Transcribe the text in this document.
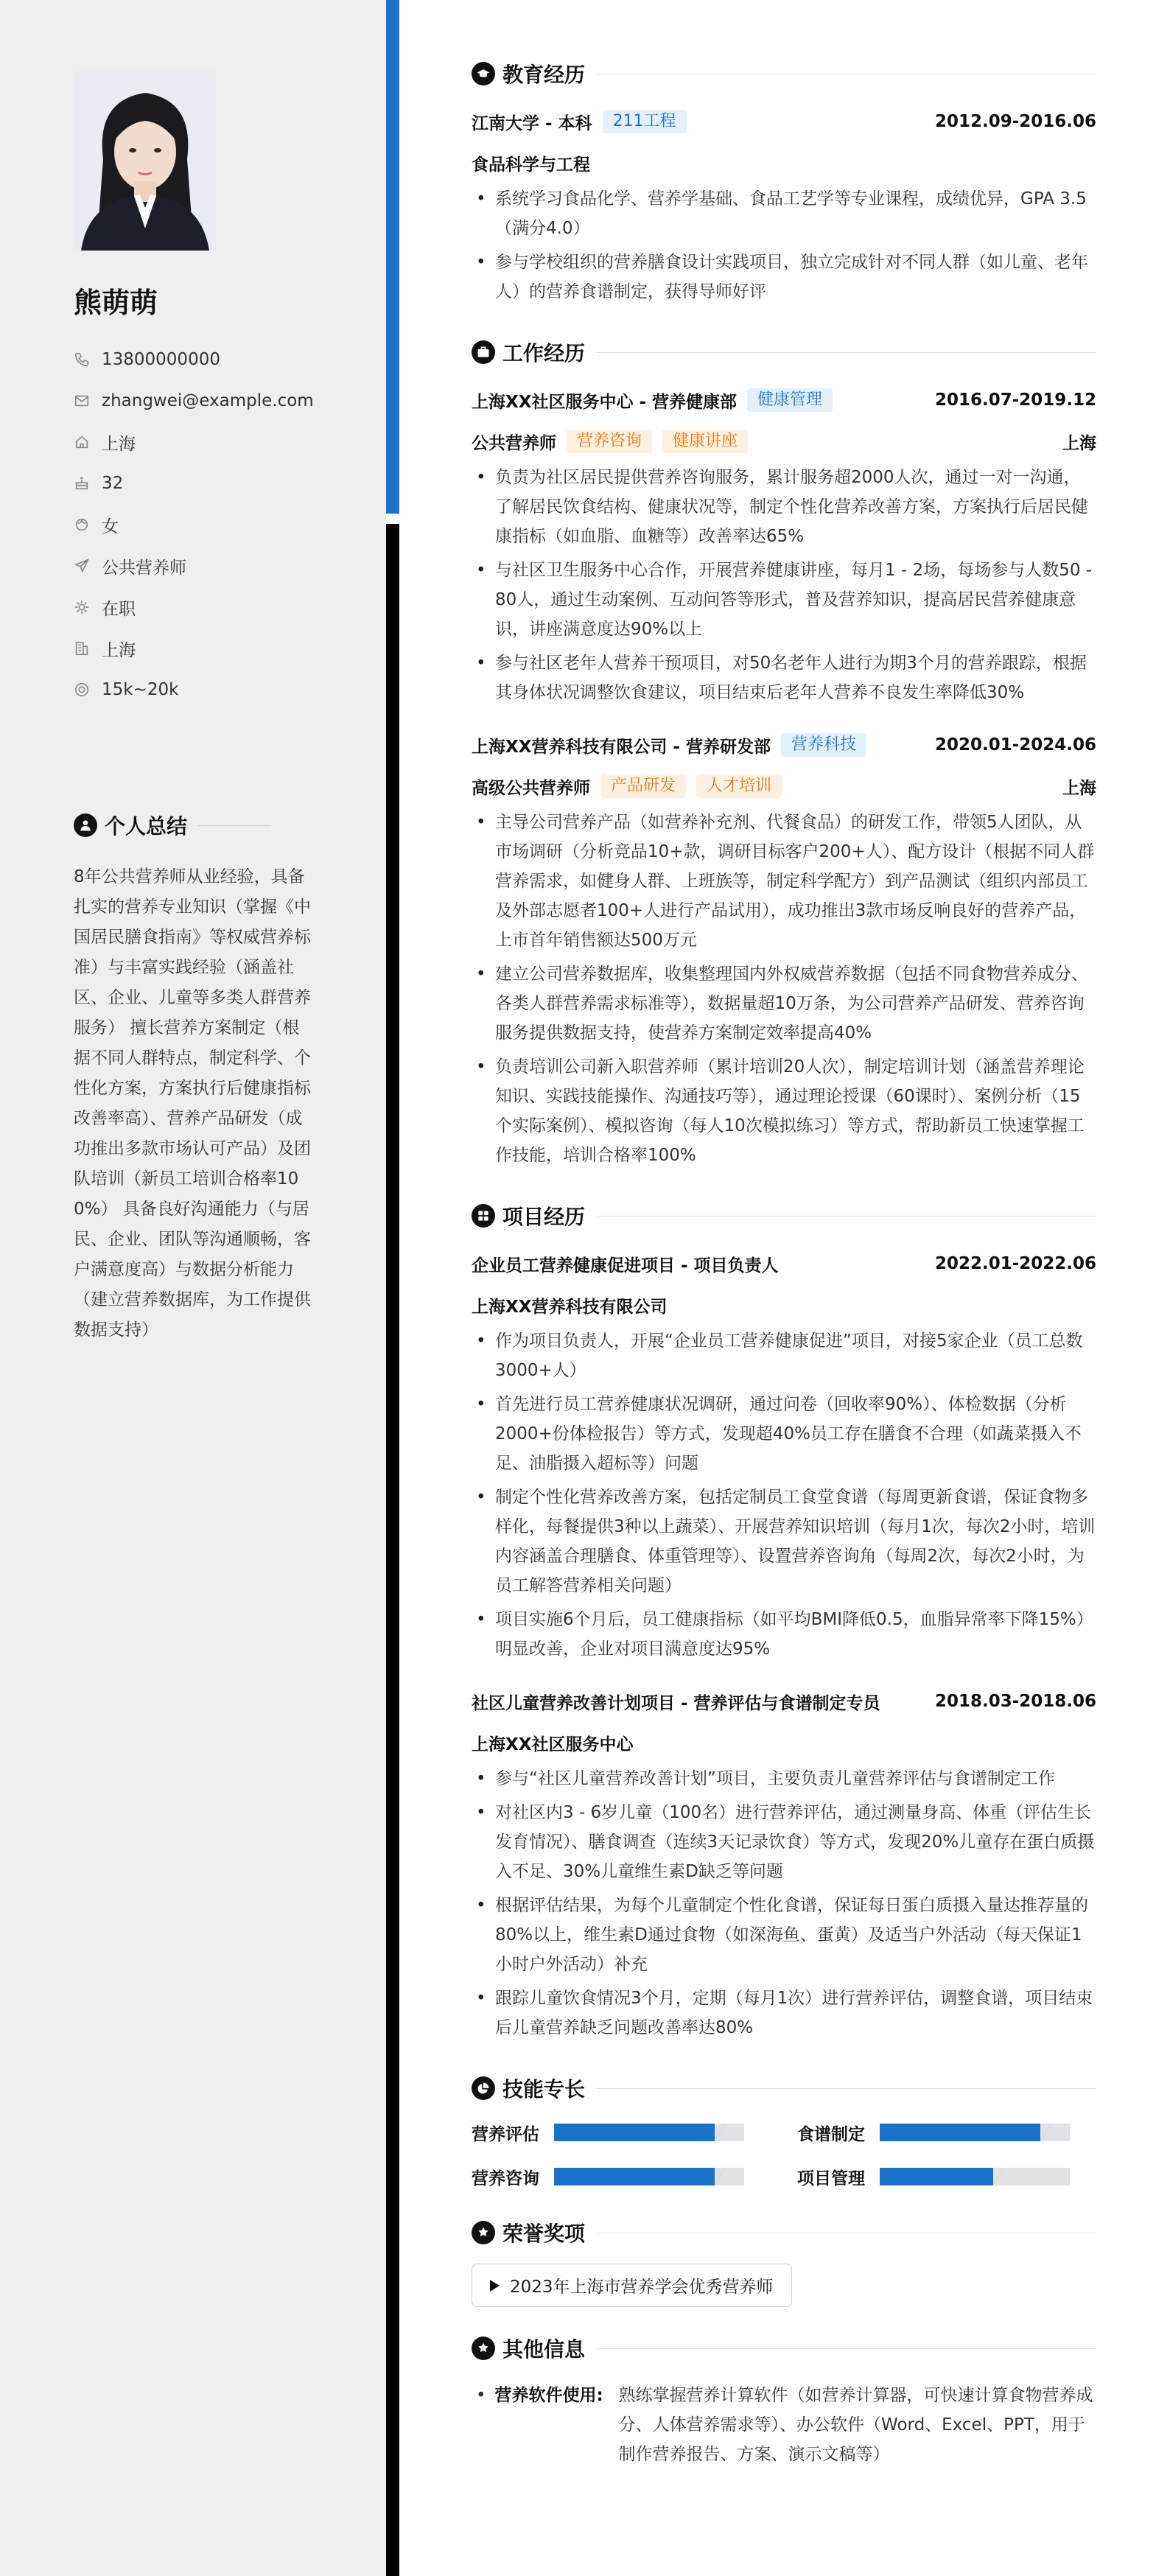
熊萌萌
13800000000
zhangwei@example.com
上海
32
女
公共营养师
在职
上海
15k~20k
个人总结
8年公共营养师从业经验，具备扎实的营养专业知识（掌握《中国居民膳食指南》等权威营养标准）与丰富实践经验（涵盖社区、企业、儿童等多类人群营养服务） 擅长营养方案制定（根据不同人群特点，制定科学、个性化方案，方案执行后健康指标改善率高）、营养产品研发（成功推出多款市场认可产品）及团队培训（新员工培训合格率100%） 具备良好沟通能力（与居民、企业、团队等沟通顺畅，客户满意度高）与数据分析能力（建立营养数据库，为工作提供数据支持）
教育经历
江南大学 - 本科	211工程	2012.09-2016.06
食品科学与工程
• 系统学习食品化学、营养学基础、食品工艺学等专业课程，成绩优异，GPA 3.5（满分4.0）
• 参与学校组织的营养膳食设计实践项目，独立完成针对不同人群（如儿童、老年人）的营养食谱制定，获得导师好评
工作经历
上海XX社区服务中心 - 营养健康部	健康管理	2016.07-2019.12
公共营养师	营养咨询	健康讲座	上海
• 负责为社区居民提供营养咨询服务，累计服务超2000人次，通过一对一沟通，了解居民饮食结构、健康状况等，制定个性化营养改善方案，方案执行后居民健康指标（如血脂、血糖等）改善率达65%
• 与社区卫生服务中心合作，开展营养健康讲座，每月1 - 2场，每场参与人数50 - 80人，通过生动案例、互动问答等形式，普及营养知识，提高居民营养健康意识，讲座满意度达90%以上
• 参与社区老年人营养干预项目，对50名老年人进行为期3个月的营养跟踪，根据其身体状况调整饮食建议，项目结束后老年人营养不良发生率降低30%
上海XX营养科技有限公司 - 营养研发部	营养科技	2020.01-2024.06
高级公共营养师	产品研发	人才培训	上海
• 主导公司营养产品（如营养补充剂、代餐食品）的研发工作，带领5人团队，从市场调研（分析竞品10+款，调研目标客户200+人）、配方设计（根据不同人群营养需求，如健身人群、上班族等，制定科学配方）到产品测试（组织内部员工及外部志愿者100+人进行产品试用），成功推出3款市场反响良好的营养产品，上市首年销售额达500万元
• 建立公司营养数据库，收集整理国内外权威营养数据（包括不同食物营养成分、各类人群营养需求标准等），数据量超10万条，为公司营养产品研发、营养咨询服务提供数据支持，使营养方案制定效率提高40%
• 负责培训公司新入职营养师（累计培训20人次），制定培训计划（涵盖营养理论知识、实践技能操作、沟通技巧等），通过理论授课（60课时）、案例分析（15个实际案例）、模拟咨询（每人10次模拟练习）等方式，帮助新员工快速掌握工作技能，培训合格率100%
项目经历
企业员工营养健康促进项目 - 项目负责人	2022.01-2022.06
上海XX营养科技有限公司
• 作为项目负责人，开展“企业员工营养健康促进”项目，对接5家企业（员工总数3000+人）
• 首先进行员工营养健康状况调研，通过问卷（回收率90%）、体检数据（分析2000+份体检报告）等方式，发现超40%员工存在膳食不合理（如蔬菜摄入不足、油脂摄入超标等）问题
• 制定个性化营养改善方案，包括定制员工食堂食谱（每周更新食谱，保证食物多样化，每餐提供3种以上蔬菜）、开展营养知识培训（每月1次，每次2小时，培训内容涵盖合理膳食、体重管理等）、设置营养咨询角（每周2次，每次2小时，为员工解答营养相关问题）
• 项目实施6个月后，员工健康指标（如平均BMI降低0.5，血脂异常率下降15%）明显改善，企业对项目满意度达95%
社区儿童营养改善计划项目 - 营养评估与食谱制定专员	2018.03-2018.06
上海XX社区服务中心
• 参与“社区儿童营养改善计划”项目，主要负责儿童营养评估与食谱制定工作
• 对社区内3 - 6岁儿童（100名）进行营养评估，通过测量身高、体重（评估生长发育情况）、膳食调查（连续3天记录饮食）等方式，发现20%儿童存在蛋白质摄入不足、30%儿童维生素D缺乏等问题
• 根据评估结果，为每个儿童制定个性化食谱，保证每日蛋白质摄入量达推荐量的80%以上，维生素D通过食物（如深海鱼、蛋黄）及适当户外活动（每天保证1小时户外活动）补充
• 跟踪儿童饮食情况3个月，定期（每月1次）进行营养评估，调整食谱，项目结束后儿童营养缺乏问题改善率达80%
技能专长
营养评估	食谱制定
营养咨询	项目管理
荣誉奖项
2023年上海市营养学会优秀营养师
其他信息
• 营养软件使用: 熟练掌握营养计算软件（如营养计算器，可快速计算食物营养成分、人体营养需求等）、办公软件（Word、Excel、PPT，用于制作营养报告、方案、演示文稿等）
